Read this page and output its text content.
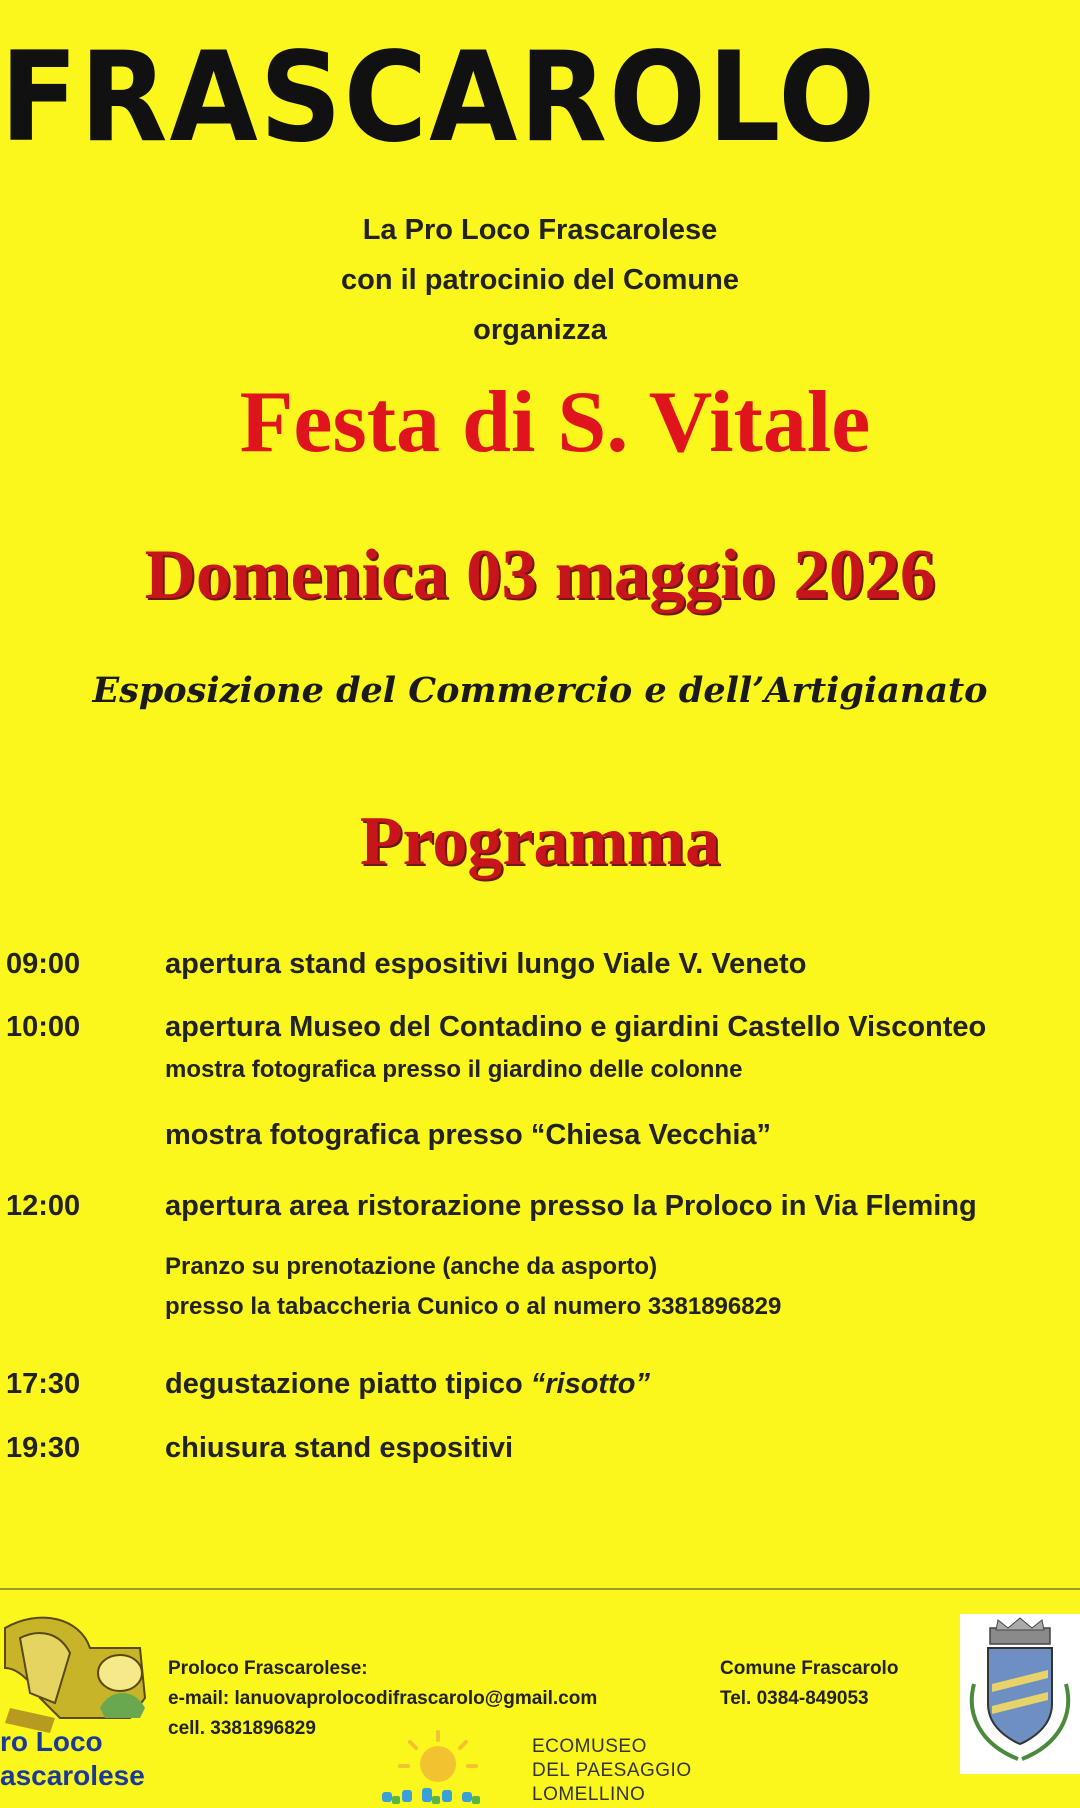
FRASCAROLO
La Pro Loco Frascarolese
con il patrocinio del Comune
organizza
Festa di S. Vitale
Domenica 03 maggio 2026
Esposizione del Commercio e dell’Artigianato
Programma
09:00	apertura stand espositivi lungo Viale V. Veneto
10:00	apertura Museo del Contadino e giardini Castello Visconteo
mostra fotografica presso il giardino delle colonne
mostra fotografica presso “Chiesa Vecchia”
12:00	apertura area ristorazione presso la Proloco in Via Fleming
Pranzo su prenotazione (anche da asporto)
presso la tabaccheria Cunico o al numero 3381896829
17:30	degustazione piatto tipico “risotto”
19:30	chiusura stand espositivi
ro Loco
ascarolese
Proloco Frascarolese:
e-mail: lanuovaprolocodifrascarolo@gmail.com
cell. 3381896829
Comune Frascarolo
Tel. 0384-849053
ECOMUSEO
DEL PAESAGGIO
LOMELLINO
